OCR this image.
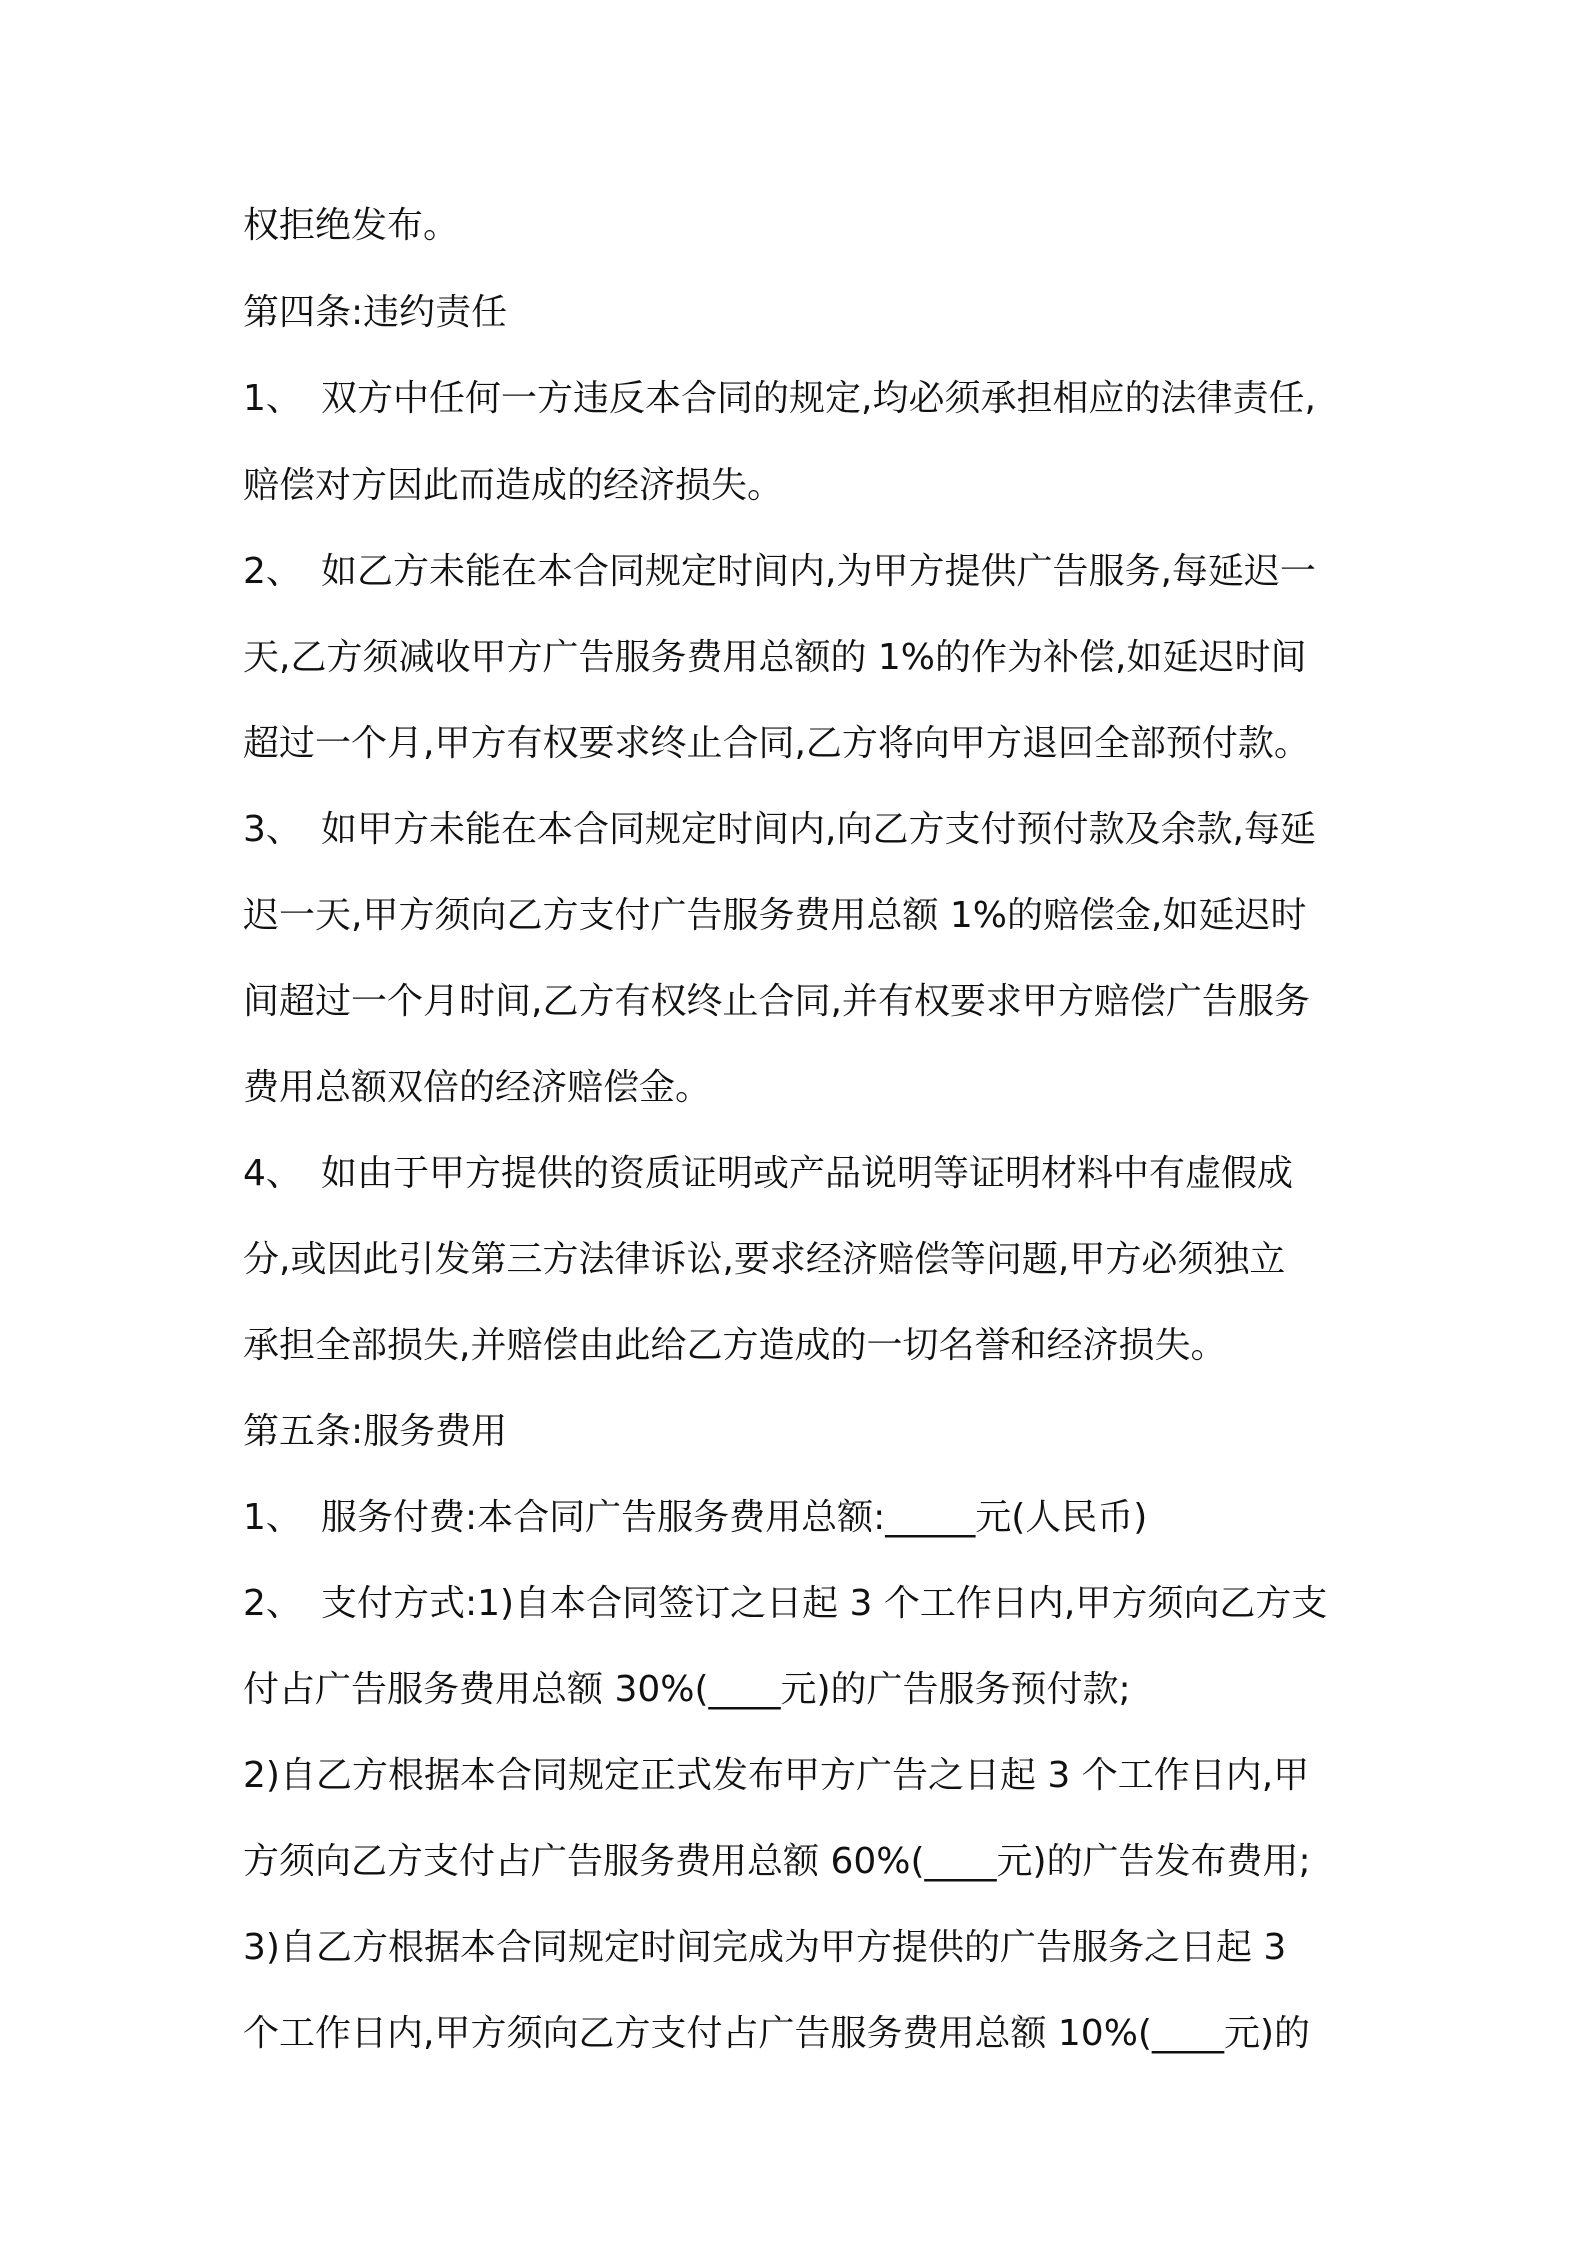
权拒绝发布。
第四条:违约责任
1、 双方中任何一方违反本合同的规定,均必须承担相应的法律责任,
赔偿对方因此而造成的经济损失。
2、 如乙方未能在本合同规定时间内,为甲方提供广告服务,每延迟一
天,乙方须减收甲方广告服务费用总额的 1%的作为补偿,如延迟时间
超过一个月,甲方有权要求终止合同,乙方将向甲方退回全部预付款。
3、 如甲方未能在本合同规定时间内,向乙方支付预付款及余款,每延
迟一天,甲方须向乙方支付广告服务费用总额 1%的赔偿金,如延迟时
间超过一个月时间,乙方有权终止合同,并有权要求甲方赔偿广告服务
费用总额双倍的经济赔偿金。
4、 如由于甲方提供的资质证明或产品说明等证明材料中有虚假成
分,或因此引发第三方法律诉讼,要求经济赔偿等问题,甲方必须独立
承担全部损失,并赔偿由此给乙方造成的一切名誉和经济损失。
第五条:服务费用
1、 服务付费:本合同广告服务费用总额:_____元(人民币)
2、 支付方式:1)自本合同签订之日起 3 个工作日内,甲方须向乙方支
付占广告服务费用总额 30%(____元)的广告服务预付款;
2)自乙方根据本合同规定正式发布甲方广告之日起 3 个工作日内,甲
方须向乙方支付占广告服务费用总额 60%(____元)的广告发布费用;
3)自乙方根据本合同规定时间完成为甲方提供的广告服务之日起 3
个工作日内,甲方须向乙方支付占广告服务费用总额 10%(____元)的
